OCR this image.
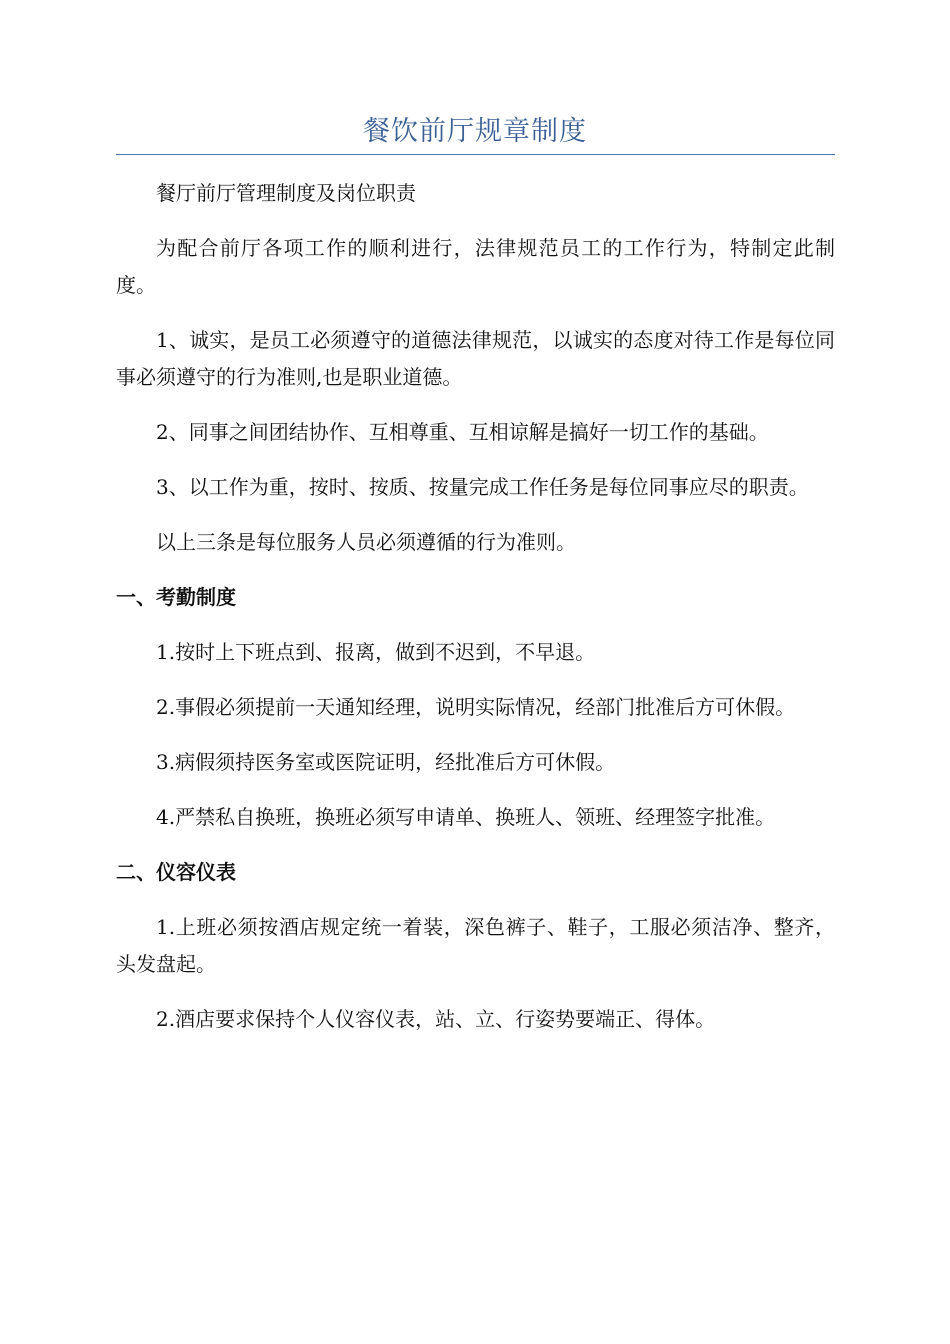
餐饮前厅规章制度

餐厅前厅管理制度及岗位职责

为配合前厅各项工作的顺利进行，法律规范员工的工作行为，特制定此制度。

1、诚实，是员工必须遵守的道德法律规范，以诚实的态度对待工作是每位同事必须遵守的行为准则,也是职业道德。

2、同事之间团结协作、互相尊重、互相谅解是搞好一切工作的基础。

3、以工作为重，按时、按质、按量完成工作任务是每位同事应尽的职责。

以上三条是每位服务人员必须遵循的行为准则。

一、考勤制度

1.按时上下班点到、报离，做到不迟到，不早退。

2.事假必须提前一天通知经理，说明实际情况，经部门批准后方可休假。

3.病假须持医务室或医院证明，经批准后方可休假。

4.严禁私自换班，换班必须写申请单、换班人、领班、经理签字批准。

二、仪容仪表

1.上班必须按酒店规定统一着装，深色裤子、鞋子，工服必须洁净、整齐，头发盘起。

2.酒店要求保持个人仪容仪表，站、立、行姿势要端正、得体。
